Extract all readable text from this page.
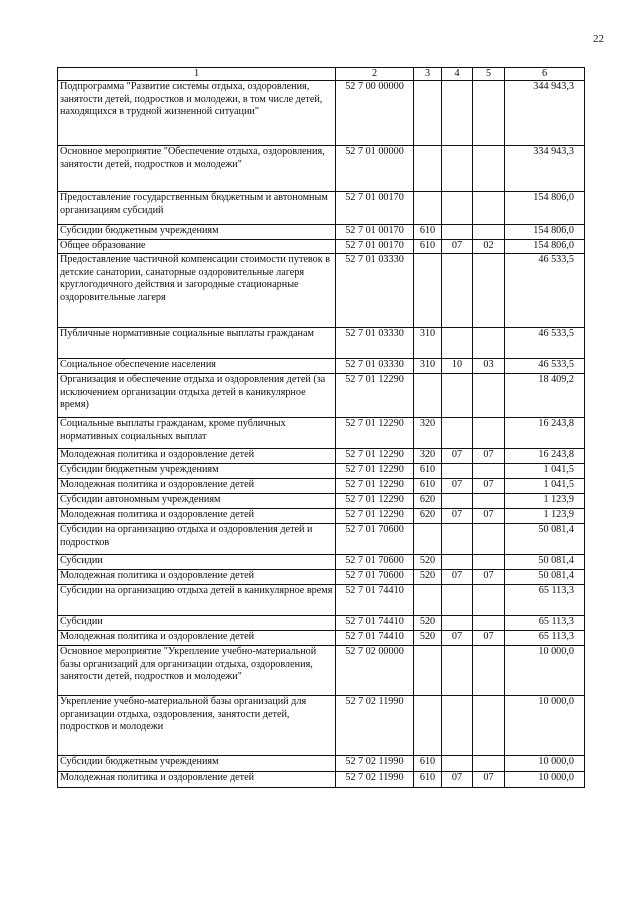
22
1	2	3	4	5	6
Подпрограмма "Развитие системы отдыха, оздоровления, занятости детей, подростков и молодежи, в том числе детей, находящихся в трудной жизненной ситуации"	52 7 00 00000				344 943,3
Основное мероприятие "Обеспечение отдыха, оздоровления, занятости детей, подростков и молодежи"	52 7 01 00000				334 943,3
Предоставление государственным бюджетным и автономным организациям субсидий	52 7 01 00170				154 806,0
Субсидии бюджетным учреждениям	52 7 01 00170	610			154 806,0
Общее образование	52 7 01 00170	610	07	02	154 806,0
Предоставление частичной компенсации стоимости путевок в детские санатории, санаторные оздоровительные лагеря круглогодичного действия и загородные стационарные оздоровительные лагеря	52 7 01 03330				46 533,5
Публичные нормативные социальные выплаты гражданам	52 7 01 03330	310			46 533,5
Социальное обеспечение населения	52 7 01 03330	310	10	03	46 533,5
Организация и обеспечение отдыха и оздоровления детей (за исключением организации отдыха детей в каникулярное время)	52 7 01 12290				18 409,2
Социальные выплаты гражданам, кроме публичных нормативных социальных выплат	52 7 01 12290	320			16 243,8
Молодежная политика и оздоровление детей	52 7 01 12290	320	07	07	16 243,8
Субсидии бюджетным учреждениям	52 7 01 12290	610			1 041,5
Молодежная политика и оздоровление детей	52 7 01 12290	610	07	07	1 041,5
Субсидии автономным учреждениям	52 7 01 12290	620			1 123,9
Молодежная политика и оздоровление детей	52 7 01 12290	620	07	07	1 123,9
Субсидии на организацию отдыха и оздоровления детей и подростков	52 7 01 70600				50 081,4
Субсидии	52 7 01 70600	520			50 081,4
Молодежная политика и оздоровление детей	52 7 01 70600	520	07	07	50 081,4
Субсидии на организацию отдыха детей в каникулярное время	52 7 01 74410				65 113,3
Субсидии	52 7 01 74410	520			65 113,3
Молодежная политика и оздоровление детей	52 7 01 74410	520	07	07	65 113,3
Основное мероприятие "Укрепление учебно-материальной базы организаций для организации отдыха, оздоровления, занятости детей, подростков и молодежи"	52 7 02 00000				10 000,0
Укрепление учебно-материальной базы организаций для организации отдыха, оздоровления, занятости детей, подростков и молодежи	52 7 02 11990				10 000,0
Субсидии бюджетным учреждениям	52 7 02 11990	610			10 000,0
Молодежная политика и оздоровление детей	52 7 02 11990	610	07	07	10 000,0
